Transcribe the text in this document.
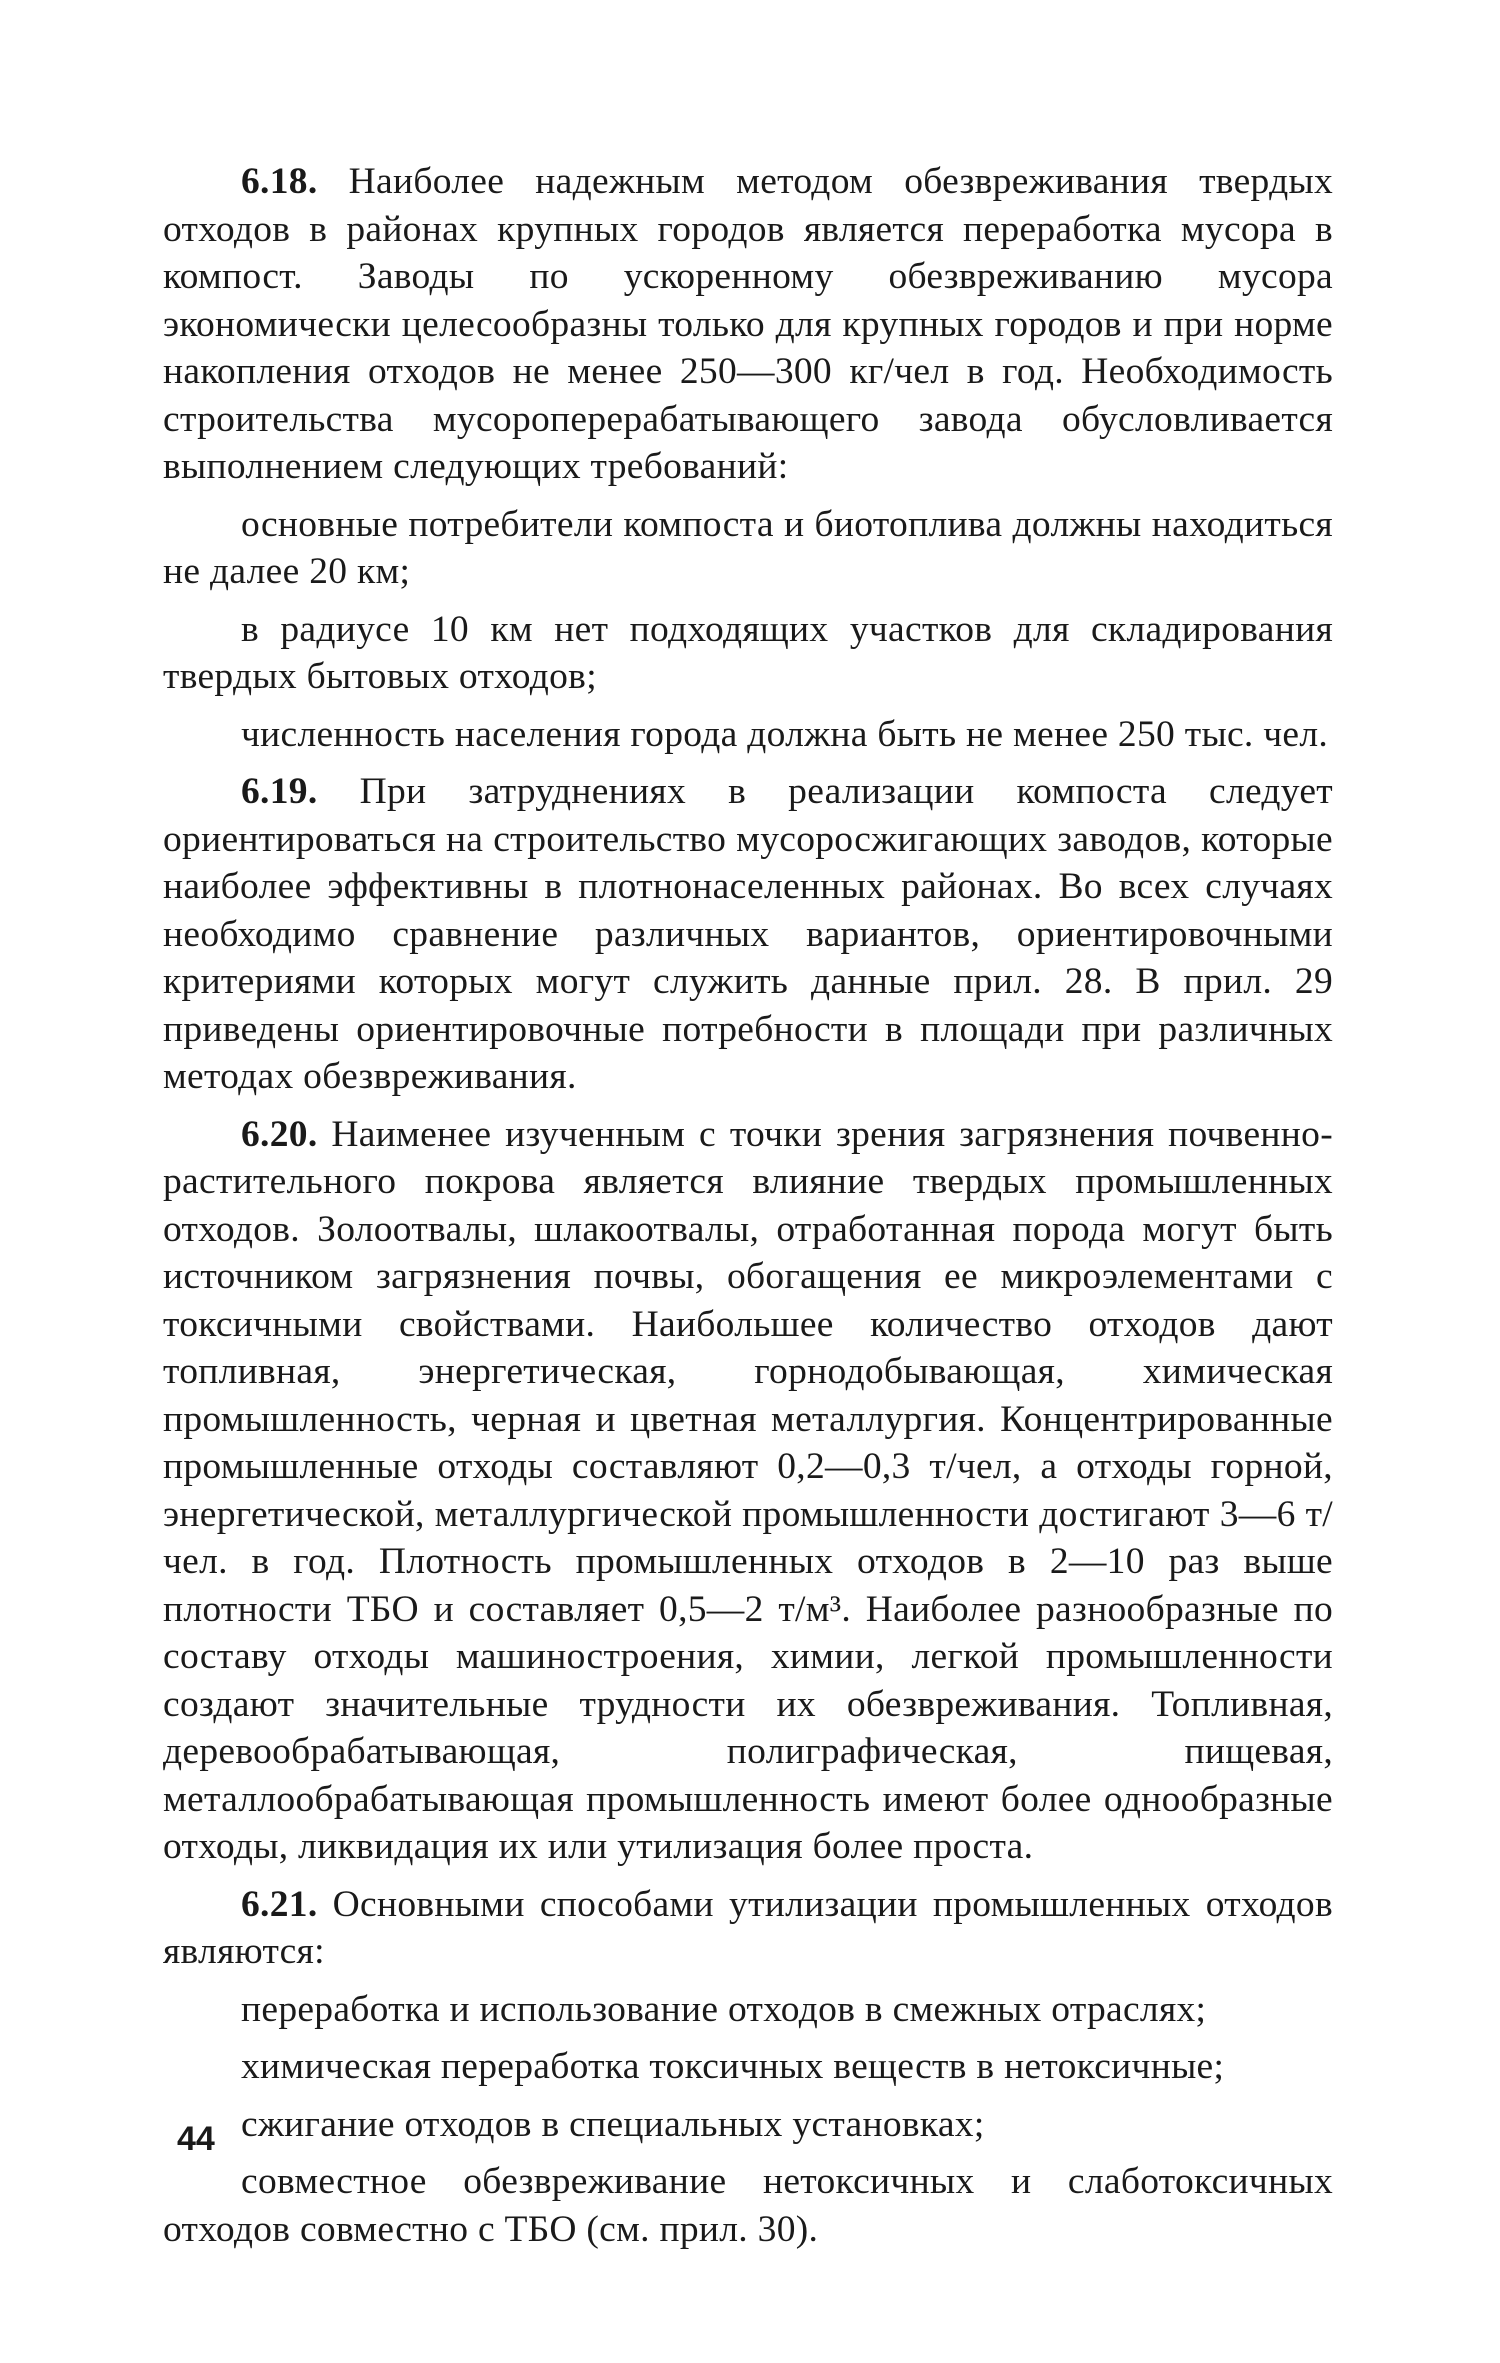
6.18. Наиболее надежным методом обезвреживания твердых отходов в районах крупных городов является переработка мусора в компост. Заводы по ускоренному обезвреживанию мусора экономически целесообразны только для крупных городов и при норме накопления отходов не менее 250—300 кг/чел в год. Необходимость строительства мусороперерабатывающего завода обусловливается выполнением следующих требований:

основные потребители компоста и биотоплива должны находиться не далее 20 км;

в радиусе 10 км нет подходящих участков для складирования твердых бытовых отходов;

численность населения города должна быть не менее 250 тыс. чел.

6.19. При затруднениях в реализации компоста следует ориентироваться на строительство мусоросжигающих заводов, которые наиболее эффективны в плотнонаселенных районах. Во всех случаях необходимо сравнение различных вариантов, ориентировочными критериями которых могут служить данные прил. 28. В прил. 29 приведены ориентировочные потребности в площади при различных методах обезвреживания.

6.20. Наименее изученным с точки зрения загрязнения почвенно-растительного покрова является влияние твердых промышленных отходов. Золоотвалы, шлакоотвалы, отработанная порода могут быть источником загрязнения почвы, обогащения ее микроэлементами с токсичными свойствами. Наибольшее количество отходов дают топливная, энергетическая, горнодобывающая, химическая промышленность, черная и цветная металлургия. Концентрированные промышленные отходы составляют 0,2—0,3 т/чел, а отходы горной, энергетической, металлургической промышленности достигают 3—6 т/чел. в год. Плотность промышленных отходов в 2—10 раз выше плотности ТБО и составляет 0,5—2 т/м³. Наиболее разнообразные по составу отходы машиностроения, химии, легкой промышленности создают значительные трудности их обезвреживания. Топливная, деревообрабатывающая, полиграфическая, пищевая, металлообрабатывающая промышленность имеют более однообразные отходы, ликвидация их или утилизация более проста.

6.21. Основными способами утилизации промышленных отходов являются:

переработка и использование отходов в смежных отраслях;

химическая переработка токсичных веществ в нетоксичные;

сжигание отходов в специальных установках;

совместное обезвреживание нетоксичных и слаботоксичных отходов совместно с ТБО (см. прил. 30).

44
